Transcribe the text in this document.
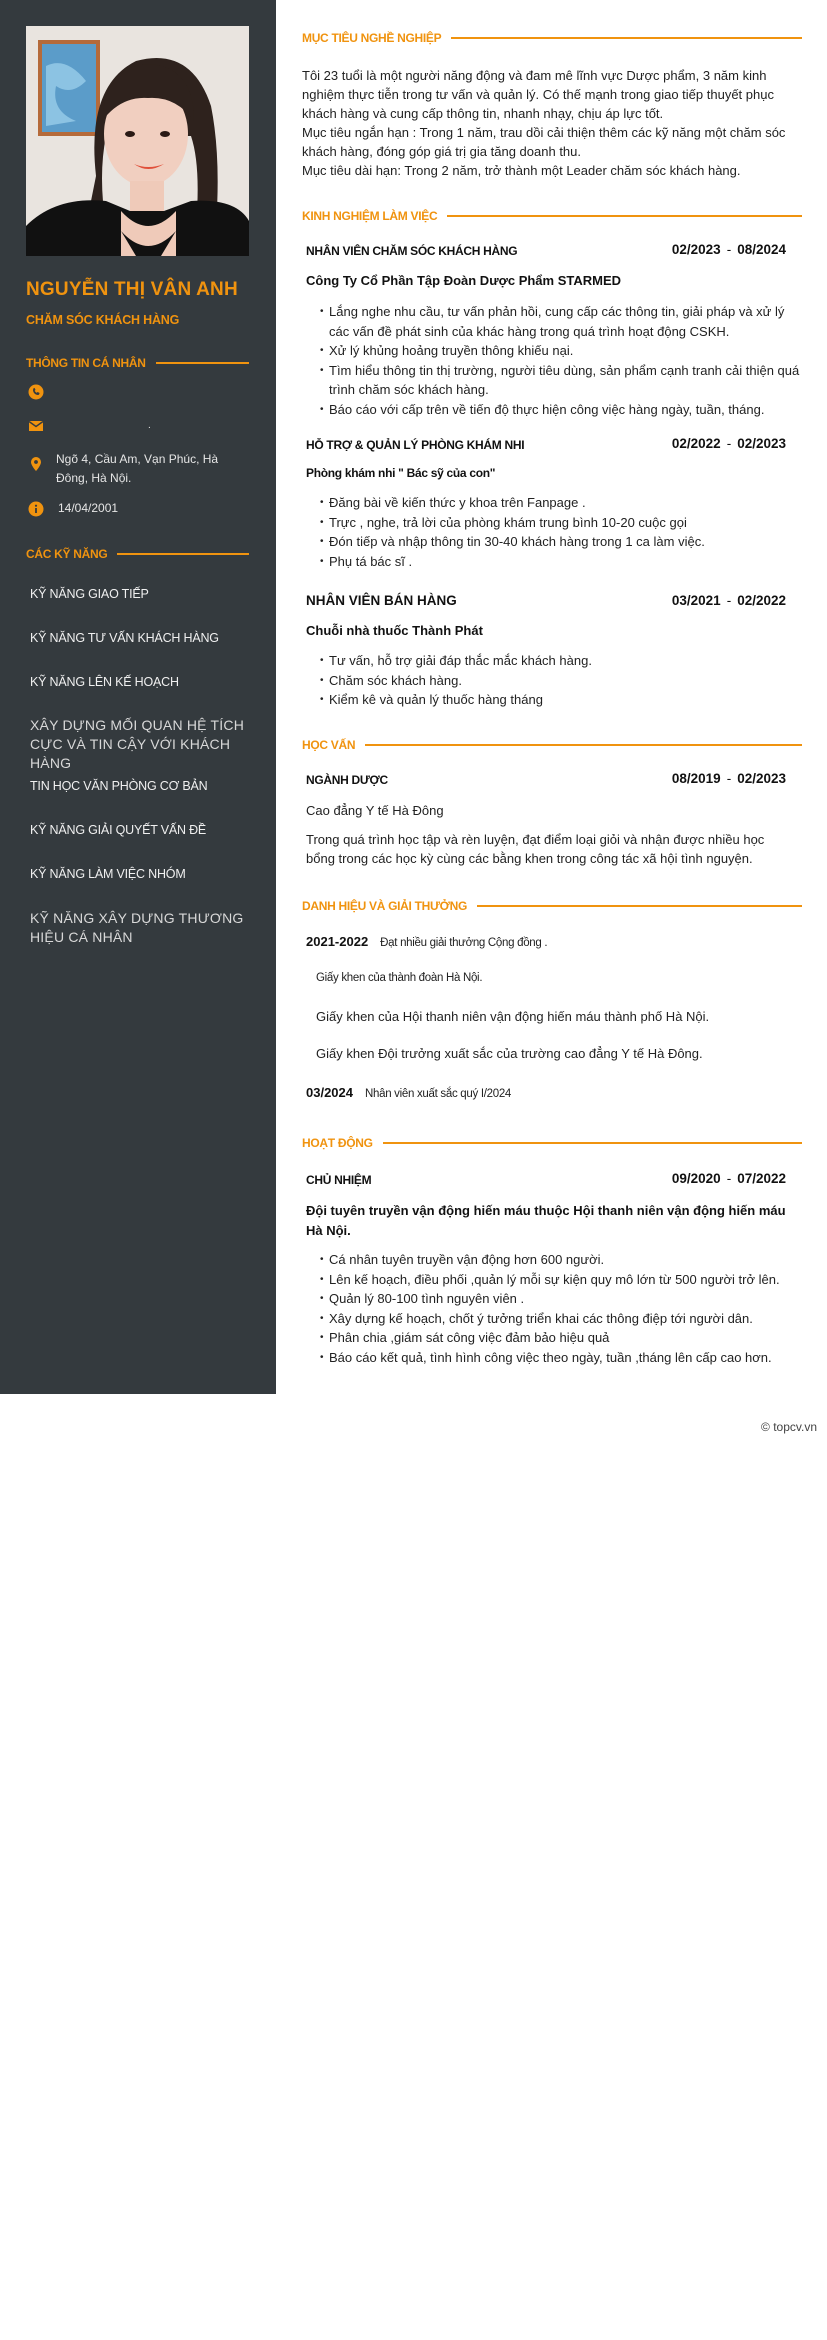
NGUYỄN THỊ VÂN ANH
CHĂM SÓC KHÁCH HÀNG
THÔNG TIN CÁ NHÂN
.
Ngõ 4, Cầu Am, Vạn Phúc, Hà Đông, Hà Nội.
14/04/2001
CÁC KỸ NĂNG
KỸ NĂNG GIAO TIẾP
KỸ NĂNG TƯ VẤN KHÁCH HÀNG
KỸ NĂNG LÊN KẾ HOẠCH
XÂY DỰNG MỐI QUAN HỆ TÍCH CỰC VÀ TIN CẬY VỚI KHÁCH HÀNG
TIN HỌC VĂN PHÒNG CƠ BẢN
KỸ NĂNG GIẢI QUYẾT VẤN ĐỀ
KỸ NĂNG LÀM VIỆC NHÓM
KỸ NĂNG XÂY DỰNG THƯƠNG HIỆU CÁ NHÂN
MỤC TIÊU NGHỀ NGHIỆP
Tôi 23 tuổi là một người năng động và đam mê lĩnh vực Dược phẩm, 3 năm kinh nghiệm thực tiễn trong tư vấn và quản lý. Có thế mạnh trong giao tiếp thuyết phục khách hàng và cung cấp thông tin, nhanh nhạy, chịu áp lực tốt.
Mục tiêu ngắn hạn : Trong 1 năm, trau dồi cải thiện thêm các kỹ năng một chăm sóc khách hàng, đóng góp giá trị gia tăng doanh thu.
Mục tiêu dài hạn: Trong 2 năm, trở thành một Leader chăm sóc khách hàng.
KINH NGHIỆM LÀM VIỆC
NHÂN VIÊN CHĂM SÓC KHÁCH HÀNG	02/2023 - 08/2024
Công Ty Cổ Phần Tập Đoàn Dược Phẩm STARMED
• Lắng nghe nhu cầu, tư vấn phản hồi, cung cấp các thông tin, giải pháp và xử lý các vấn đề phát sinh của khác hàng trong quá trình hoạt động CSKH.
• Xử lý khủng hoảng truyền thông khiếu nại.
• Tìm hiểu thông tin thị trường, người tiêu dùng, sản phẩm cạnh tranh cải thiện quá trình chăm sóc khách hàng.
• Báo cáo với cấp trên về tiến độ thực hiện công việc hàng ngày, tuần, tháng.
HỖ TRỢ & QUẢN LÝ PHÒNG KHÁM NHI	02/2022 - 02/2023
Phòng khám nhi " Bác sỹ của con"
• Đăng bài về kiến thức y khoa trên Fanpage .
• Trực , nghe, trả lời của phòng khám trung bình 10-20 cuộc gọi
• Đón tiếp và nhập thông tin 30-40 khách hàng trong 1 ca làm việc.
• Phụ tá bác sĩ .
NHÂN VIÊN BÁN HÀNG	03/2021 - 02/2022
Chuỗi nhà thuốc Thành Phát
• Tư vấn, hỗ trợ giải đáp thắc mắc khách hàng.
• Chăm sóc khách hàng.
• Kiểm kê và quản lý thuốc hàng tháng
HỌC VẤN
NGÀNH DƯỢC	08/2019 - 02/2023
Cao đẳng Y tế Hà Đông
Trong quá trình học tập và rèn luyện, đạt điểm loại giỏi và nhận được nhiều học bổng trong các học kỳ cùng các bằng khen trong công tác xã hội tình nguyện.
DANH HIỆU VÀ GIẢI THƯỞNG
2021-2022 Đạt nhiều giải thưởng Cộng đồng .
Giấy khen của thành đoàn Hà Nội.
Giấy khen của Hội thanh niên vận động hiến máu thành phố Hà Nội.
Giấy khen Đội trưởng xuất sắc của trường cao đẳng Y tế Hà Đông.
03/2024 Nhân viên xuất sắc quý I/2024
HOẠT ĐỘNG
CHỦ NHIỆM	09/2020 - 07/2022
Đội tuyên truyền vận động hiến máu thuộc Hội thanh niên vận động hiến máu Hà Nội.
• Cá nhân tuyên truyền vận động hơn 600 người.
• Lên kế hoạch, điều phối ,quản lý mỗi sự kiện quy mô lớn từ 500 người trở lên.
• Quản lý 80-100 tình nguyên viên .
• Xây dựng kế hoạch, chốt ý tưởng triển khai các thông điệp tới người dân.
• Phân chia ,giám sát công việc đảm bảo hiệu quả
• Báo cáo kết quả, tình hình công việc theo ngày, tuần ,tháng lên cấp cao hơn.
© topcv.vn
